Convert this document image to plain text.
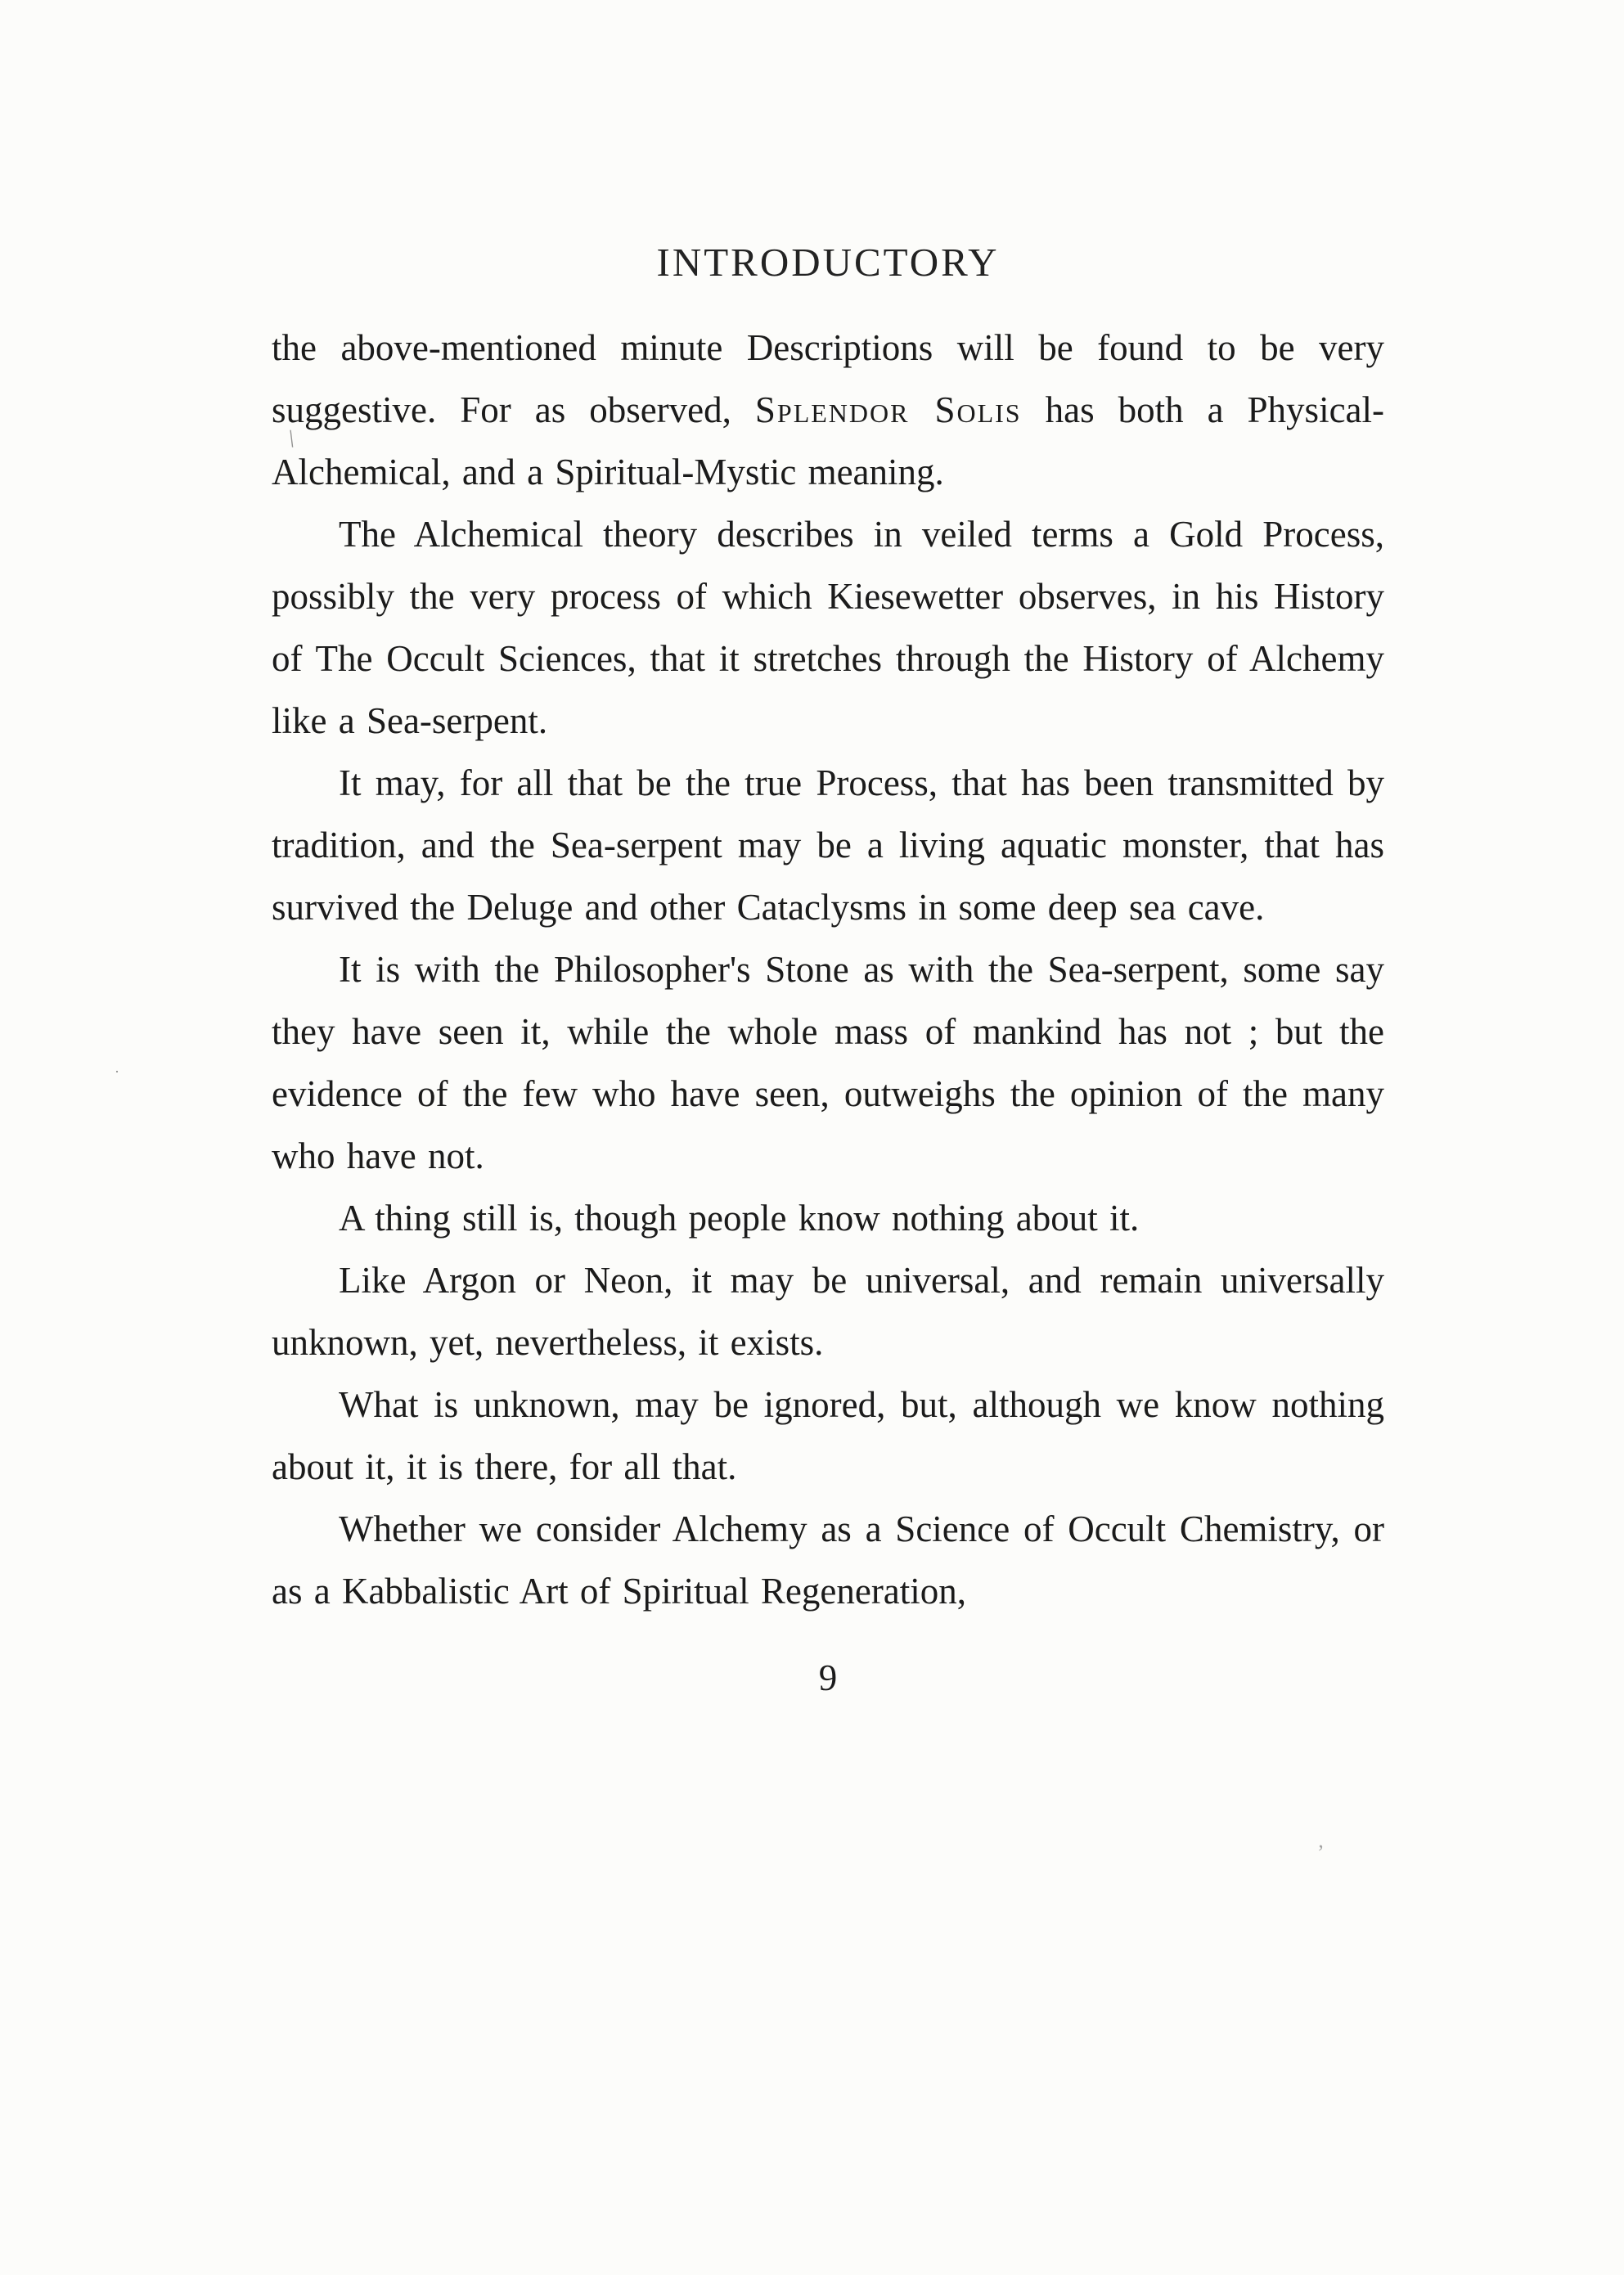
\
·
ʼ
INTRODUCTORY

the above-mentioned minute Descriptions will be found to be very suggestive. For as observed, Splendor Solis has both a Physical-Alchemical, and a Spiritual-Mystic meaning.

The Alchemical theory describes in veiled terms a Gold Process, possibly the very process of which Kiesewetter observes, in his History of The Occult Sciences, that it stretches through the History of Alchemy like a Sea-serpent.

It may, for all that be the true Process, that has been transmitted by tradition, and the Sea-serpent may be a living aquatic monster, that has survived the Deluge and other Cataclysms in some deep sea cave.

It is with the Philosopher's Stone as with the Sea-serpent, some say they have seen it, while the whole mass of mankind has not ; but the evidence of the few who have seen, outweighs the opinion of the many who have not.

A thing still is, though people know nothing about it.

Like Argon or Neon, it may be universal, and remain universally unknown, yet, nevertheless, it exists.

What is unknown, may be ignored, but, although we know nothing about it, it is there, for all that.

Whether we consider Alchemy as a Science of Occult Chemistry, or as a Kabbalistic Art of Spiritual Regeneration,

9
